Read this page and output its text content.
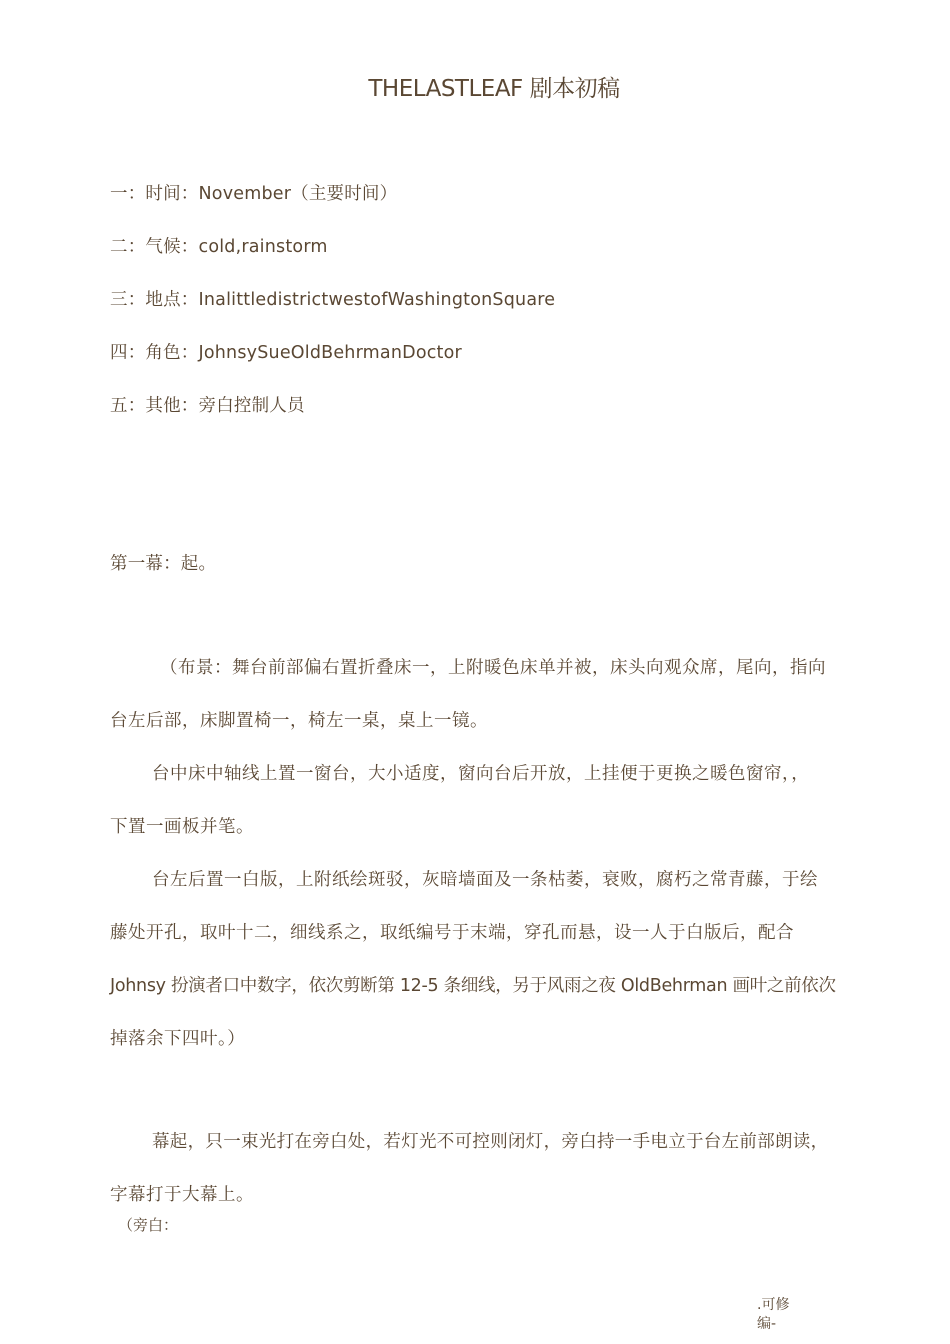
THELASTLEAF 剧本初稿
一：时间：November（主要时间）
二：气候：cold,rainstorm
三：地点：InalittledistrictwestofWashingtonSquare
四：角色：JohnsySueOldBehrmanDoctor
五：其他：旁白控制人员
第一幕：起。
（布景：舞台前部偏右置折叠床一，上附暖色床单并被，床头向观众席，尾向，指向
台左后部，床脚置椅一，椅左一桌，桌上一镜。
台中床中轴线上置一窗台，大小适度，窗向台后开放，上挂便于更换之暖色窗帘，，
下置一画板并笔。
台左后置一白版，上附纸绘斑驳，灰暗墙面及一条枯萎，衰败，腐朽之常青藤，于绘
藤处开孔，取叶十二，细线系之，取纸编号于末端，穿孔而悬，设一人于白版后，配合
Johnsy 扮演者口中数字，依次剪断第 12-5 条细线，另于风雨之夜 OldBehrman 画叶之前依次
掉落余下四叶。）
幕起，只一束光打在旁白处，若灯光不可控则闭灯，旁白持一手电立于台左前部朗读，
字幕打于大幕上。
（旁白：
.可修
编-
